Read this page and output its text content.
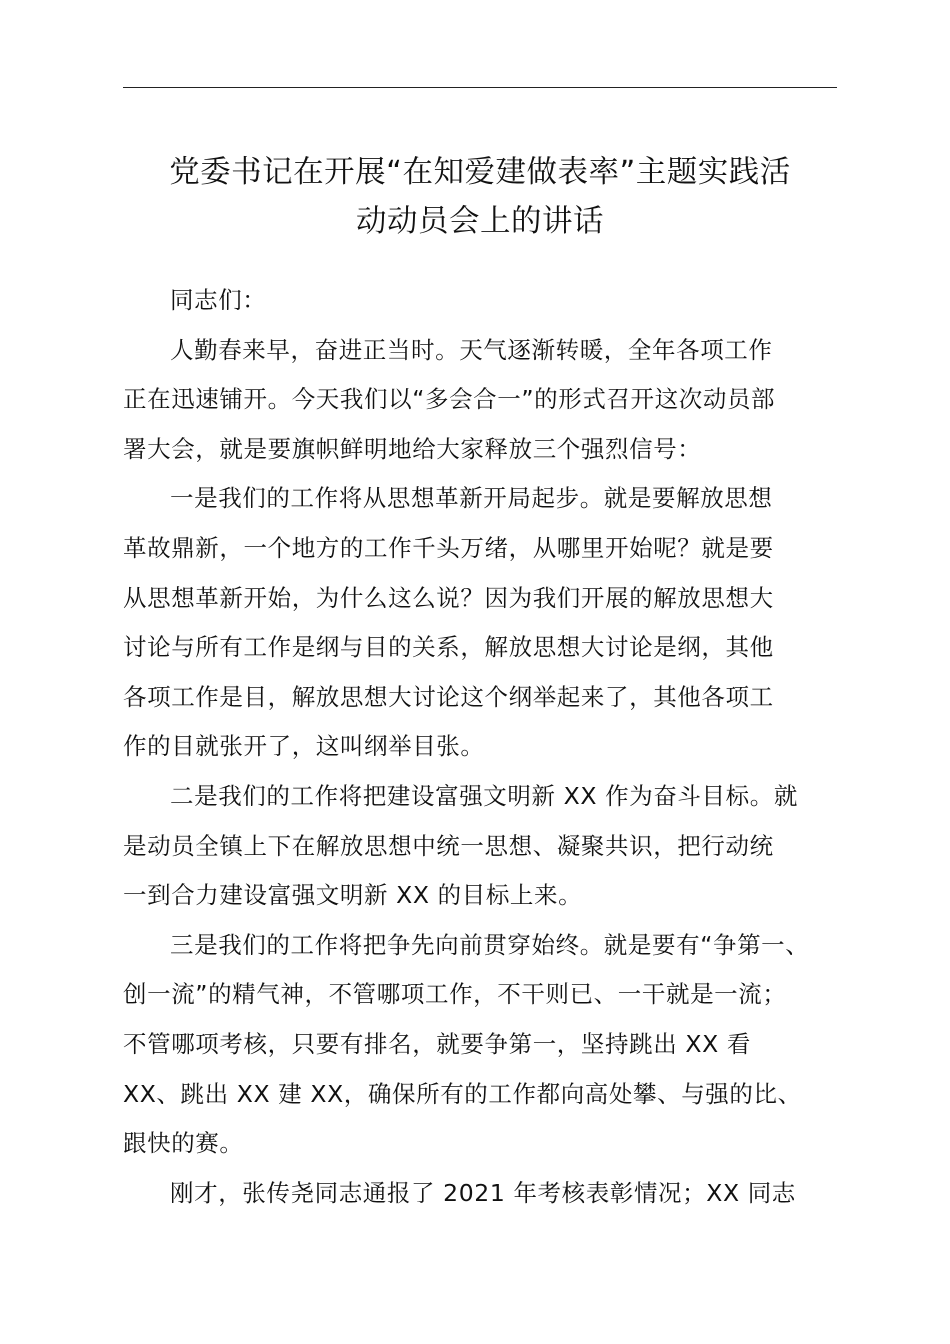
党委书记在开展“在知爱建做表率”主题实践活
动动员会上的讲话

同志们：

人勤春来早，奋进正当时。天气逐渐转暖，全年各项工作
正在迅速铺开。今天我们以“多会合一”的形式召开这次动员部
署大会，就是要旗帜鲜明地给大家释放三个强烈信号：

一是我们的工作将从思想革新开局起步。就是要解放思想
革故鼎新，一个地方的工作千头万绪，从哪里开始呢？就是要
从思想革新开始，为什么这么说？因为我们开展的解放思想大
讨论与所有工作是纲与目的关系，解放思想大讨论是纲，其他
各项工作是目，解放思想大讨论这个纲举起来了，其他各项工
作的目就张开了，这叫纲举目张。

二是我们的工作将把建设富强文明新 XX 作为奋斗目标。就
是动员全镇上下在解放思想中统一思想、凝聚共识，把行动统
一到合力建设富强文明新 XX 的目标上来。

三是我们的工作将把争先向前贯穿始终。就是要有“争第一、
创一流”的精气神，不管哪项工作，不干则已、一干就是一流；
不管哪项考核，只要有排名，就要争第一，坚持跳出 XX 看
XX、跳出 XX 建 XX，确保所有的工作都向高处攀、与强的比、
跟快的赛。

刚才，张传尧同志通报了 2021 年考核表彰情况；XX 同志
